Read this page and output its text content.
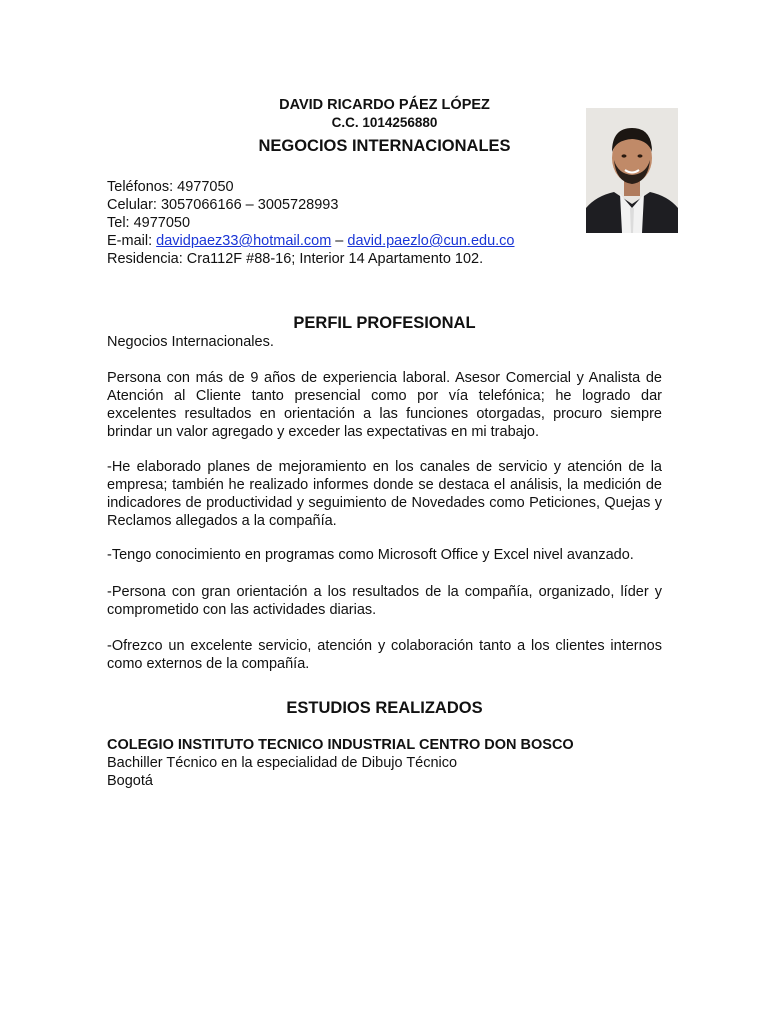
DAVID RICARDO PÁEZ LÓPEZ
C.C. 1014256880
NEGOCIOS INTERNACIONALES
Teléfonos: 4977050
Celular: 3057066166 – 3005728993
Tel: 4977050
E-mail: davidpaez33@hotmail.com – david.paezlo@cun.edu.co
Residencia: Cra112F #88-16; Interior 14 Apartamento 102.
PERFIL PROFESIONAL
Negocios Internacionales.
Persona con más de 9 años de experiencia laboral. Asesor Comercial y Analista de Atención al Cliente tanto presencial como por vía telefónica; he logrado dar excelentes resultados en orientación a las funciones otorgadas, procuro siempre brindar un valor agregado y exceder las expectativas en mi trabajo.
-He elaborado planes de mejoramiento en los canales de servicio y atención de la empresa; también he realizado informes donde se destaca el análisis, la medición de indicadores de productividad y seguimiento de Novedades como Peticiones, Quejas y Reclamos allegados a la compañía.
-Tengo conocimiento en programas como Microsoft Office y Excel nivel avanzado.
-Persona con gran orientación a los resultados de la compañía, organizado, líder y comprometido con las actividades diarias.
-Ofrezco un excelente servicio, atención y colaboración tanto a los clientes internos como externos de la compañía.
ESTUDIOS REALIZADOS
COLEGIO INSTITUTO TECNICO INDUSTRIAL CENTRO DON BOSCO
Bachiller Técnico en la especialidad de Dibujo Técnico
Bogotá
